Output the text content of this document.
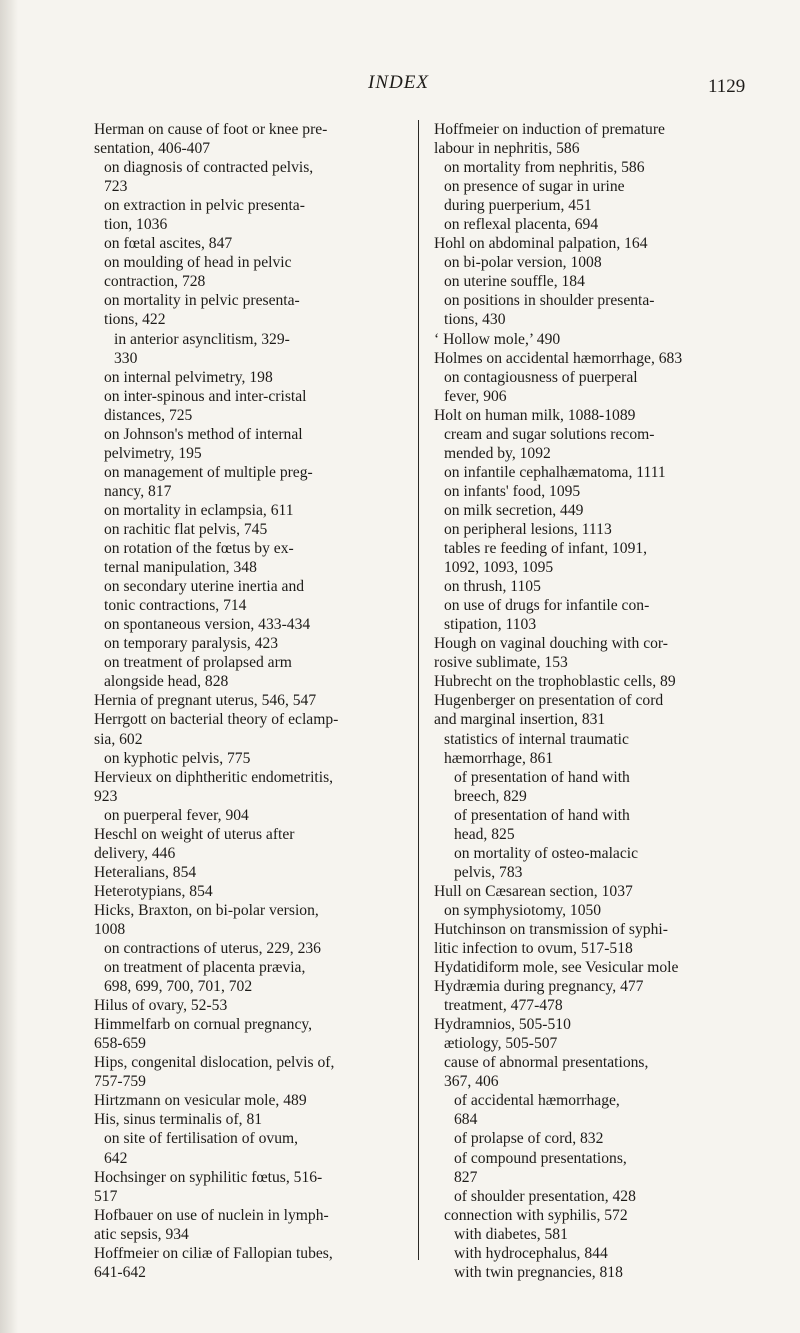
INDEX	1129
Herman on cause of foot or knee pre-
sentation, 406-407
on diagnosis of contracted pelvis,
723
on extraction in pelvic presenta-
tion, 1036
on fœtal ascites, 847
on moulding of head in pelvic
contraction, 728
on mortality in pelvic presenta-
tions, 422
in anterior asynclitism, 329-
330
on internal pelvimetry, 198
on inter-spinous and inter-cristal
distances, 725
on Johnson's method of internal
pelvimetry, 195
on management of multiple preg-
nancy, 817
on mortality in eclampsia, 611
on rachitic flat pelvis, 745
on rotation of the fœtus by ex-
ternal manipulation, 348
on secondary uterine inertia and
tonic contractions, 714
on spontaneous version, 433-434
on temporary paralysis, 423
on treatment of prolapsed arm
alongside head, 828
Hernia of pregnant uterus, 546, 547
Herrgott on bacterial theory of eclamp-
sia, 602
on kyphotic pelvis, 775
Hervieux on diphtheritic endometritis,
923
on puerperal fever, 904
Heschl on weight of uterus after
delivery, 446
Heteralians, 854
Heterotypians, 854
Hicks, Braxton, on bi-polar version,
1008
on contractions of uterus, 229, 236
on treatment of placenta prævia,
698, 699, 700, 701, 702
Hilus of ovary, 52-53
Himmelfarb on cornual pregnancy,
658-659
Hips, congenital dislocation, pelvis of,
757-759
Hirtzmann on vesicular mole, 489
His, sinus terminalis of, 81
on site of fertilisation of ovum,
642
Hochsinger on syphilitic fœtus, 516-
517
Hofbauer on use of nuclein in lymph-
atic sepsis, 934
Hoffmeier on ciliæ of Fallopian tubes,
641-642
Hoffmeier on induction of premature
labour in nephritis, 586
on mortality from nephritis, 586
on presence of sugar in urine
during puerperium, 451
on reflexal placenta, 694
Hohl on abdominal palpation, 164
on bi-polar version, 1008
on uterine souffle, 184
on positions in shoulder presenta-
tions, 430
‘ Hollow mole,’ 490
Holmes on accidental hæmorrhage, 683
on contagiousness of puerperal
fever, 906
Holt on human milk, 1088-1089
cream and sugar solutions recom-
mended by, 1092
on infantile cephalhæmatoma, 1111
on infants' food, 1095
on milk secretion, 449
on peripheral lesions, 1113
tables re feeding of infant, 1091,
1092, 1093, 1095
on thrush, 1105
on use of drugs for infantile con-
stipation, 1103
Hough on vaginal douching with cor-
rosive sublimate, 153
Hubrecht on the trophoblastic cells, 89
Hugenberger on presentation of cord
and marginal insertion, 831
statistics of internal traumatic
hæmorrhage, 861
of presentation of hand with
breech, 829
of presentation of hand with
head, 825
on mortality of osteo-malacic
pelvis, 783
Hull on Cæsarean section, 1037
on symphysiotomy, 1050
Hutchinson on transmission of syphi-
litic infection to ovum, 517-518
Hydatidiform mole, see Vesicular mole
Hydræmia during pregnancy, 477
treatment, 477-478
Hydramnios, 505-510
ætiology, 505-507
cause of abnormal presentations,
367, 406
of accidental hæmorrhage,
684
of prolapse of cord, 832
of compound presentations,
827
of shoulder presentation, 428
connection with syphilis, 572
with diabetes, 581
with hydrocephalus, 844
with twin pregnancies, 818
